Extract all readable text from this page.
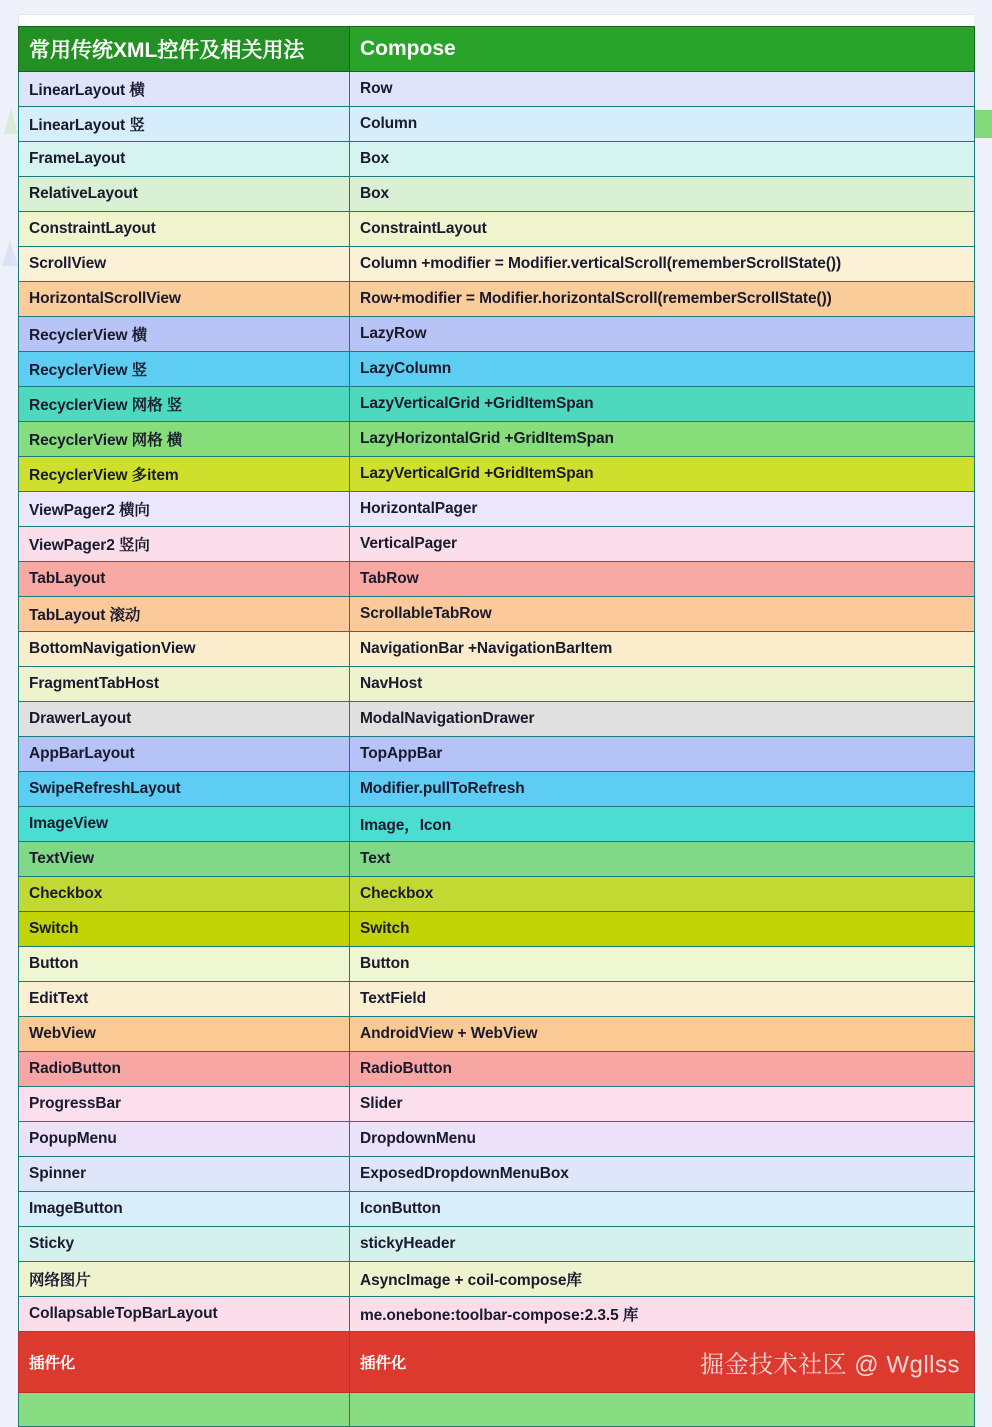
常用传统XML控件及相关用法	Compose
LinearLayout 横	Row
LinearLayout 竖	Column
FrameLayout	Box
RelativeLayout	Box
ConstraintLayout	ConstraintLayout
ScrollView	Column +modifier = Modifier.verticalScroll(rememberScrollState())
HorizontalScrollView	Row+modifier = Modifier.horizontalScroll(rememberScrollState())
RecyclerView 横	LazyRow
RecyclerView 竖	LazyColumn
RecyclerView 网格 竖	LazyVerticalGrid +GridItemSpan
RecyclerView 网格 横	LazyHorizontalGrid +GridItemSpan
RecyclerView 多item	LazyVerticalGrid +GridItemSpan
ViewPager2 横向	HorizontalPager
ViewPager2 竖向	VerticalPager
TabLayout	TabRow
TabLayout 滚动	ScrollableTabRow
BottomNavigationView	NavigationBar +NavigationBarItem
FragmentTabHost	NavHost
DrawerLayout	ModalNavigationDrawer
AppBarLayout	TopAppBar
SwipeRefreshLayout	Modifier.pullToRefresh
ImageView	Image，Icon
TextView	Text
Checkbox	Checkbox
Switch	Switch
Button	Button
EditText	TextField
WebView	AndroidView + WebView
RadioButton	RadioButton
ProgressBar	Slider
PopupMenu	DropdownMenu
Spinner	ExposedDropdownMenuBox
ImageButton	IconButton
Sticky	stickyHeader
网络图片	AsyncImage + coil-compose库
CollapsableTopBarLayout	me.onebone:toolbar-compose:2.3.5 库
插件化	插件化 掘金技术社区 @ Wgllss
